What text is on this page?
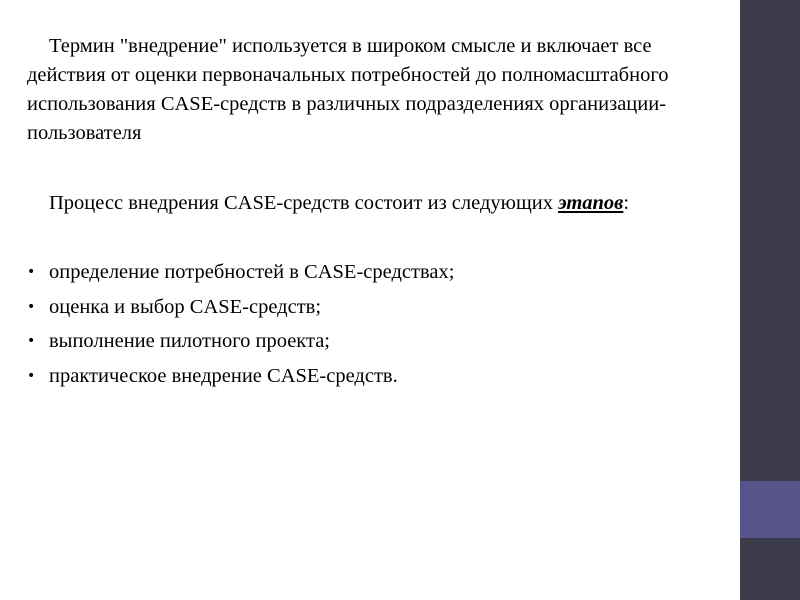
Термин "внедрение" используется в широком смысле и включает все действия от оценки первоначальных потребностей до полномасштабного использования CASE-средств в различных подразделениях организации-пользователя

Процесс внедрения CASE-средств состоит из следующих этапов:

• определение потребностей в CASE-средствах;
• оценка и выбор CASE-средств;
• выполнение пилотного проекта;
• практическое внедрение CASE-средств.
